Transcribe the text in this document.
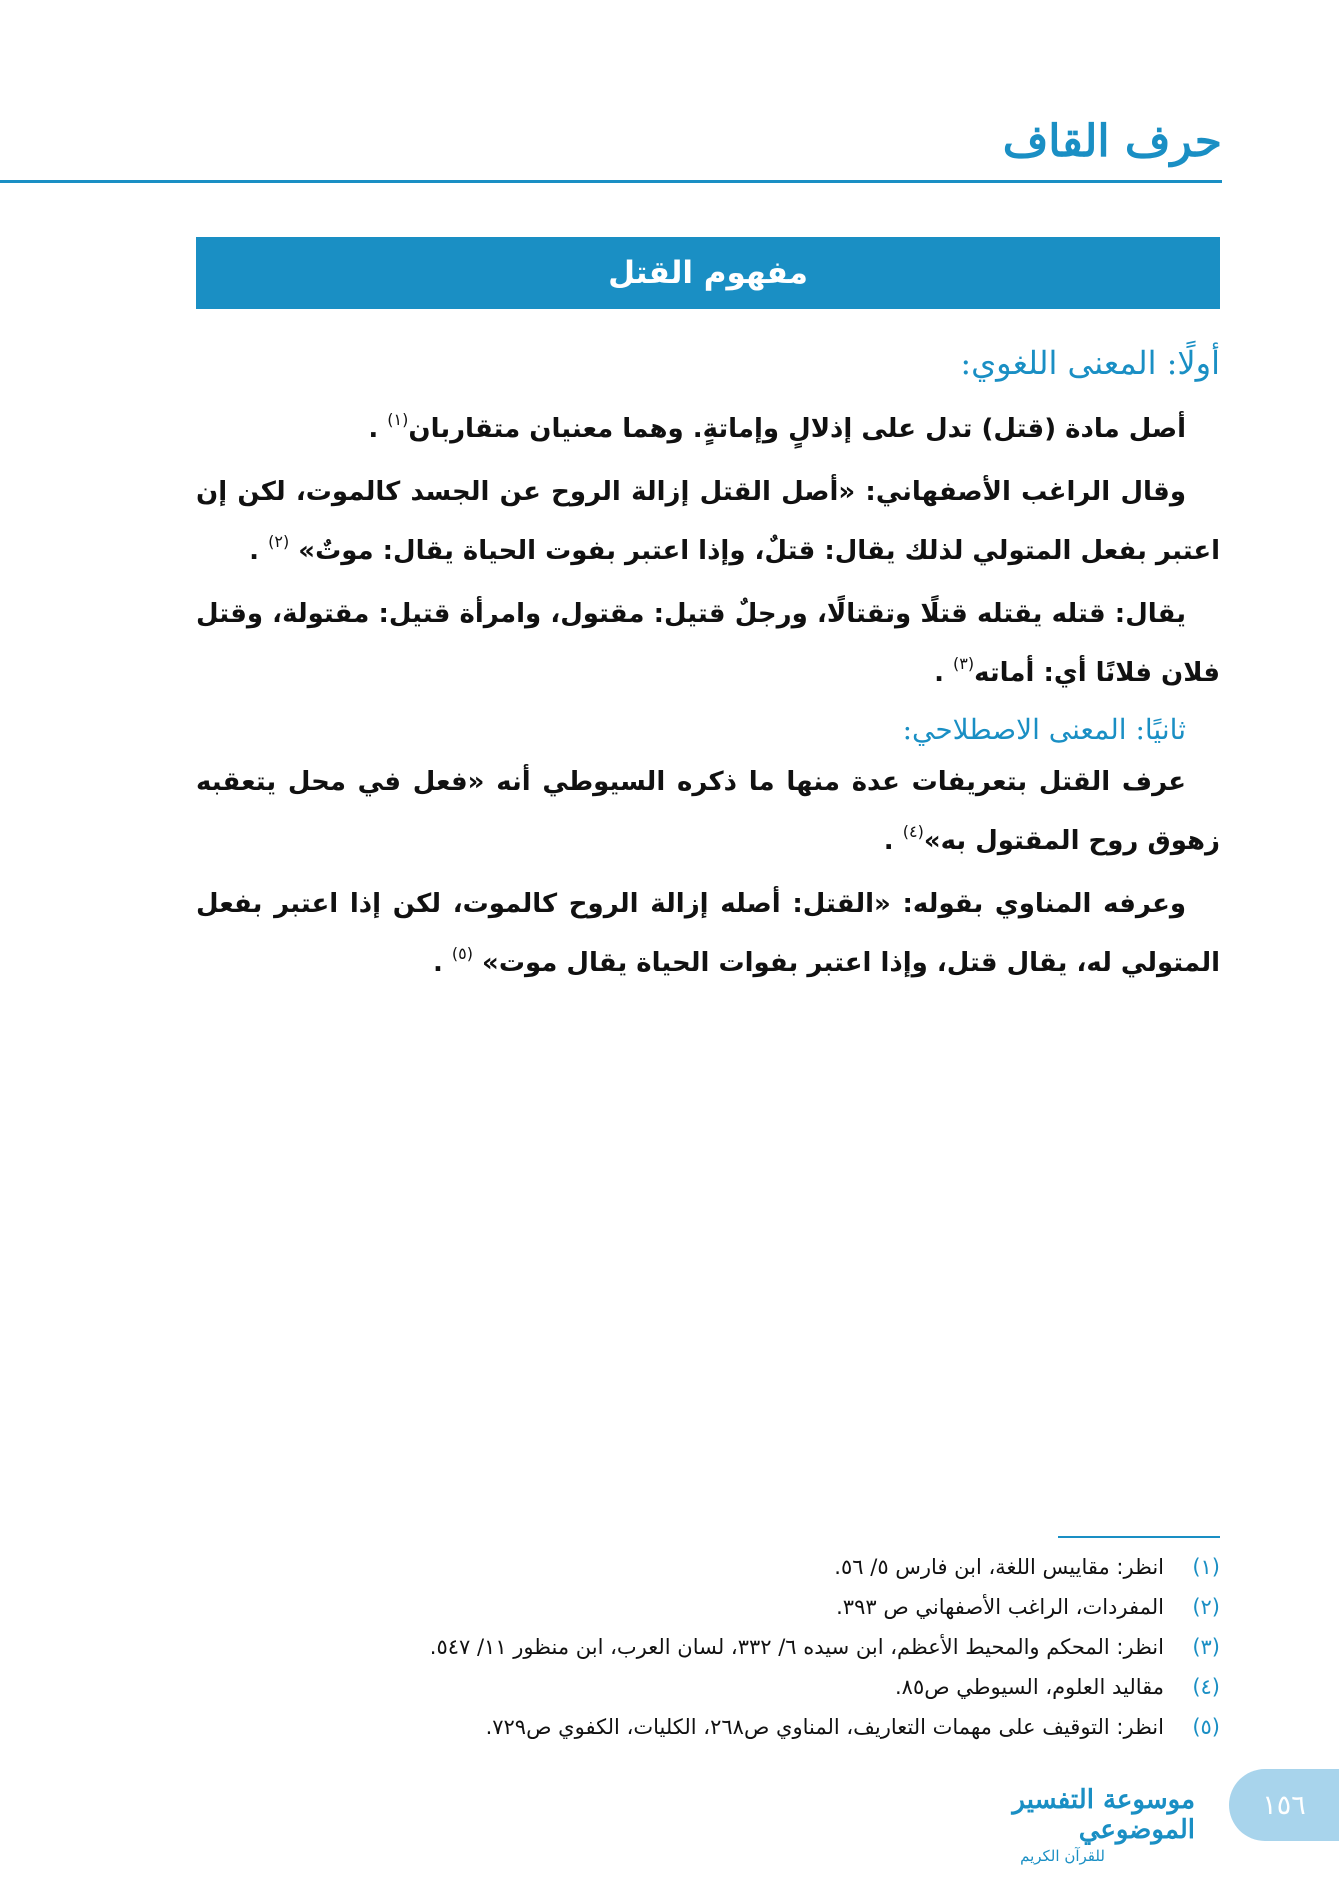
حرف القاف
مفهوم القتل
أولًا: المعنى اللغوي:

أصل مادة (قتل) تدل على إذلالٍ وإماتةٍ. وهما معنيان متقاربان$^{(١)}$ .

وقال الراغب الأصفهاني: «أصل القتل إزالة الروح عن الجسد كالموت، لكن إن اعتبر بفعل المتولي لذلك يقال: قتلٌ، وإذا اعتبر بفوت الحياة يقال: موتٌ» $^{(٢)}$ .

يقال: قتله يقتله قتلًا وتقتالًا، ورجلٌ قتيل: مقتول، وامرأة قتيل: مقتولة، وقتل فلان فلانًا أي: أماته$^{(٣)}$ .

ثانيًا: المعنى الاصطلاحي:

عرف القتل بتعريفات عدة منها ما ذكره السيوطي أنه «فعل في محل يتعقبه زهوق روح المقتول به»$^{(٤)}$ .

وعرفه المناوي بقوله: «القتل: أصله إزالة الروح كالموت، لكن إذا اعتبر بفعل المتولي له، يقال قتل، وإذا اعتبر بفوات الحياة يقال موت» $^{(٥)}$ .

(١)
انظر: مقاييس اللغة، ابن فارس ٥/ ٥٦.
(٢)
المفردات، الراغب الأصفهاني ص ٣٩٣.
(٣)
انظر: المحكم والمحيط الأعظم، ابن سيده ٦/ ٣٣٢، لسان العرب، ابن منظور ١١/ ٥٤٧.
(٤)
مقاليد العلوم، السيوطي ص٨٥.
(٥)
انظر: التوقيف على مهمات التعاريف، المناوي ص٢٦٨، الكليات، الكفوي ص٧٢٩.
موسوعة التفسير الموضوعي
للقرآن الكريم
١٥٦
